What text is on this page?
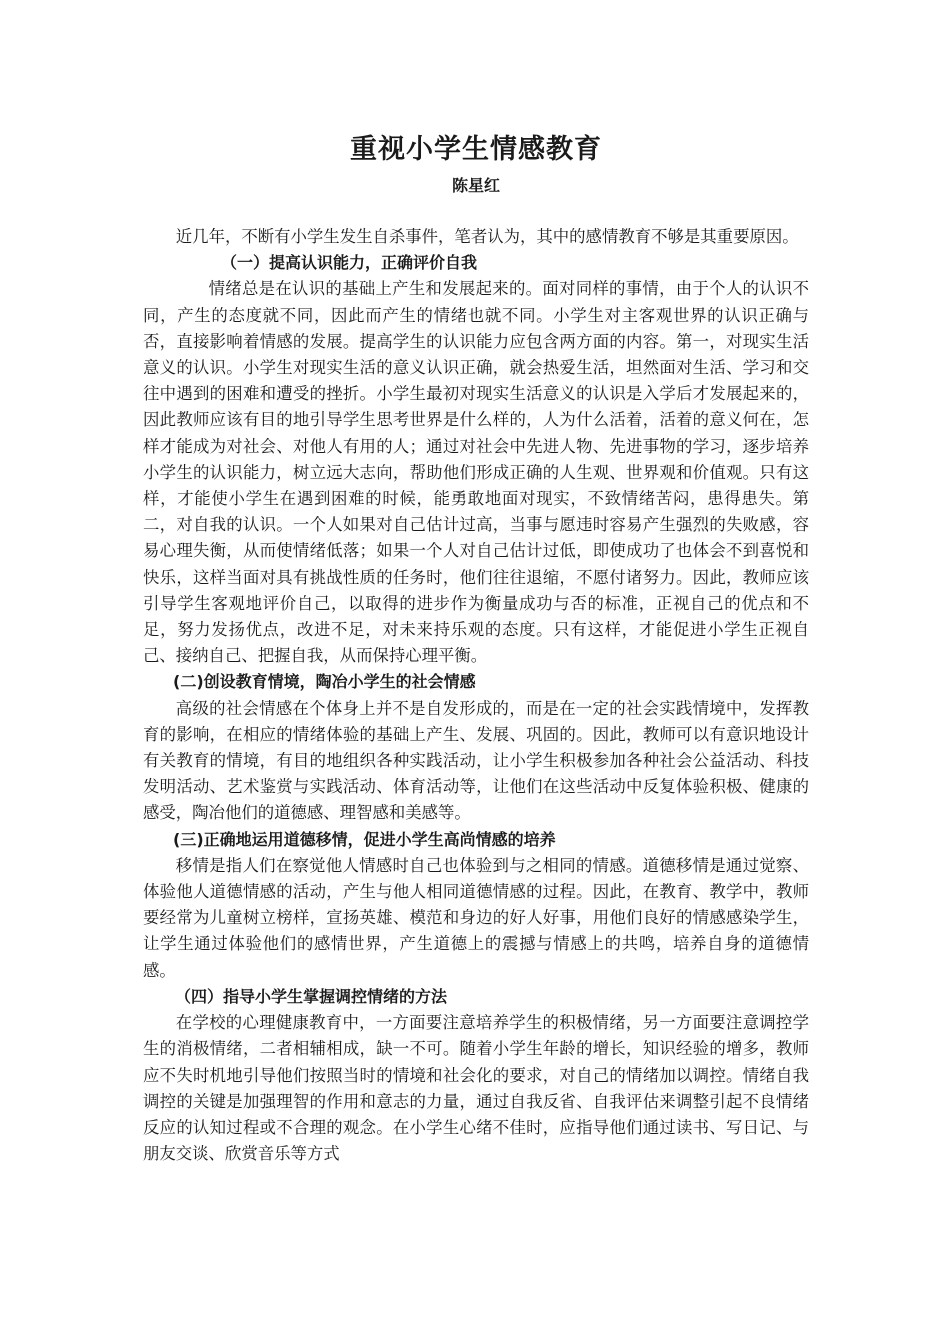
重视小学生情感教育
陈星红

近几年，不断有小学生发生自杀事件，笔者认为，其中的感情教育不够是其重要原因。

（一）提高认识能力，正确评价自我

情绪总是在认识的基础上产生和发展起来的。面对同样的事情，由于个人的认识不同，产生的态度就不同，因此而产生的情绪也就不同。小学生对主客观世界的认识正确与否，直接影响着情感的发展。提高学生的认识能力应包含两方面的内容。第一，对现实生活意义的认识。小学生对现实生活的意义认识正确，就会热爱生活，坦然面对生活、学习和交往中遇到的困难和遭受的挫折。小学生最初对现实生活意义的认识是入学后才发展起来的，因此教师应该有目的地引导学生思考世界是什么样的，人为什么活着，活着的意义何在，怎样才能成为对社会、对他人有用的人；通过对社会中先进人物、先进事物的学习，逐步培养小学生的认识能力，树立远大志向，帮助他们形成正确的人生观、世界观和价值观。只有这样，才能使小学生在遇到困难的时候，能勇敢地面对现实，不致情绪苦闷，患得患失。第二，对自我的认识。一个人如果对自己估计过高，当事与愿违时容易产生强烈的失败感，容易心理失衡，从而使情绪低落；如果一个人对自己估计过低，即使成功了也体会不到喜悦和快乐，这样当面对具有挑战性质的任务时，他们往往退缩，不愿付诸努力。因此，教师应该引导学生客观地评价自己，以取得的进步作为衡量成功与否的标准，正视自己的优点和不足，努力发扬优点，改进不足，对未来持乐观的态度。只有这样，才能促进小学生正视自己、接纳自己、把握自我，从而保持心理平衡。

(二)创设教育情境，陶冶小学生的社会情感

高级的社会情感在个体身上并不是自发形成的，而是在一定的社会实践情境中，发挥教育的影响，在相应的情绪体验的基础上产生、发展、巩固的。因此，教师可以有意识地设计有关教育的情境，有目的地组织各种实践活动，让小学生积极参加各种社会公益活动、科技发明活动、艺术鉴赏与实践活动、体育活动等，让他们在这些活动中反复体验积极、健康的感受，陶冶他们的道德感、理智感和美感等。

(三)正确地运用道德移情，促进小学生高尚情感的培养

移情是指人们在察觉他人情感时自己也体验到与之相同的情感。道德移情是通过觉察、体验他人道德情感的活动，产生与他人相同道德情感的过程。因此，在教育、教学中，教师要经常为儿童树立榜样，宣扬英雄、模范和身边的好人好事，用他们良好的情感感染学生，让学生通过体验他们的感情世界，产生道德上的震撼与情感上的共鸣，培养自身的道德情感。

（四）指导小学生掌握调控情绪的方法

在学校的心理健康教育中，一方面要注意培养学生的积极情绪，另一方面要注意调控学生的消极情绪，二者相辅相成，缺一不可。随着小学生年龄的增长，知识经验的增多，教师应不失时机地引导他们按照当时的情境和社会化的要求，对自己的情绪加以调控。情绪自我调控的关键是加强理智的作用和意志的力量，通过自我反省、自我评估来调整引起不良情绪反应的认知过程或不合理的观念。在小学生心绪不佳时，应指导他们通过读书、写日记、与朋友交谈、欣赏音乐等方式
